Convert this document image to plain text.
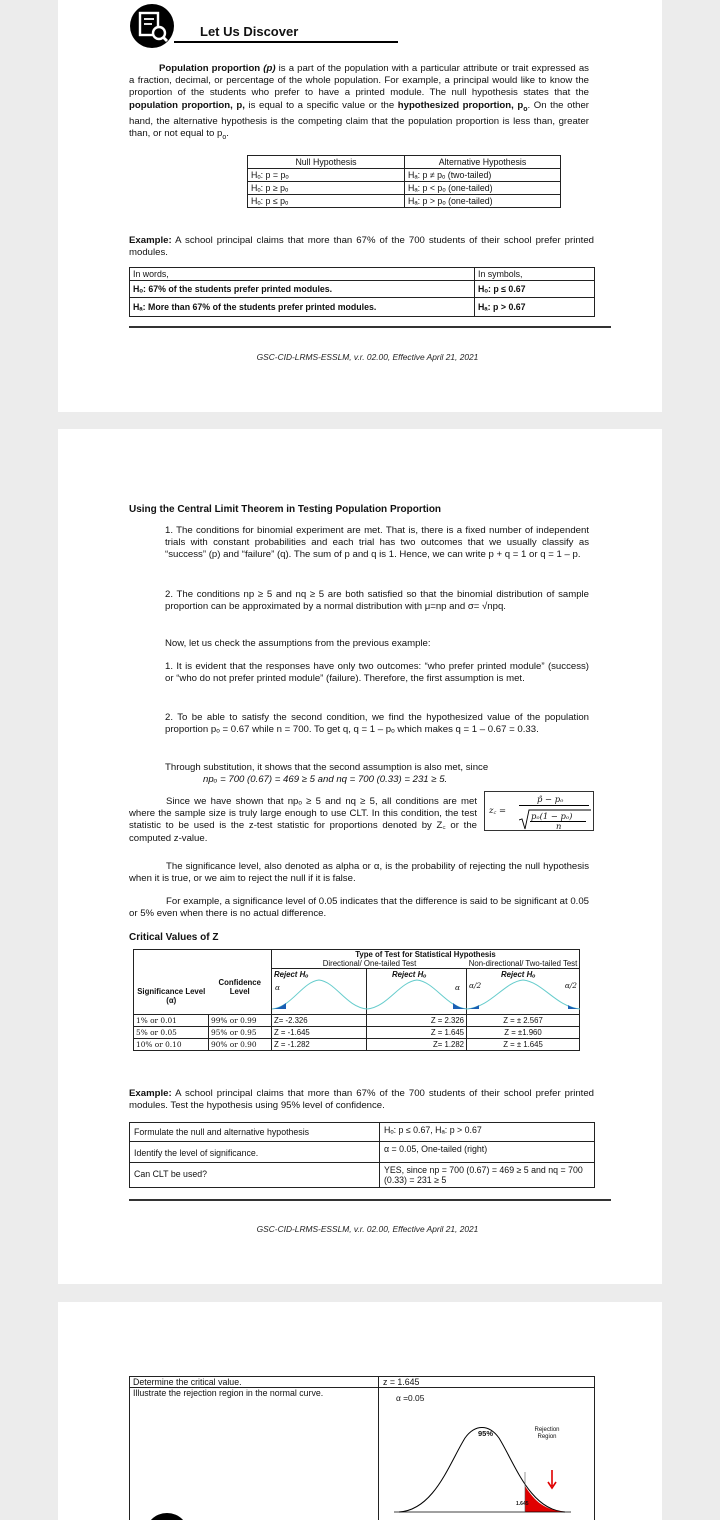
Let Us Discover

Population proportion (p) is a part of the population with a particular attribute or trait expressed as a fraction, decimal, or percentage of the whole population. For example, a principal would like to know the proportion of the students who prefer to have a printed module. The null hypothesis states that the population proportion, p, is equal to a specific value or the hypothesized proportion, $p_o$. On the other hand, the alternative hypothesis is the competing claim that the population proportion is less than, greater than, or not equal to $p_o$.

Null Hypothesis	Alternative Hypothesis
Hₒ: p = pₒ	Hₐ: p ≠ pₒ (two-tailed)
Hₒ: p ≥ pₒ	Hₐ: p < pₒ (one-tailed)
Hₒ: p ≤ pₒ	Hₐ: p > pₒ (one-tailed)

Example: A school principal claims that more than 67% of the 700 students of their school prefer printed modules.

In words,	In symbols,
Hₒ: 67% of the students prefer printed modules.	Hₒ: p ≤ 0.67
Hₐ: More than 67% of the students prefer printed modules.	Hₐ: p > 0.67
GSC-CID-LRMS-ESSLM, v.r. 02.00, Effective April 21, 2021
Using the Central Limit Theorem in Testing Population Proportion

1. The conditions for binomial experiment are met. That is, there is a fixed number of independent trials with constant probabilities and each trial has two outcomes that we usually classify as “success” (p) and “failure” (q). The sum of p and q is 1. Hence, we can write p + q = 1 or q = 1 – p.

2. The conditions np ≥ 5 and nq ≥ 5 are both satisfied so that the binomial distribution of sample proportion can be approximated by a normal distribution with μ=np and σ= √npq.

Now, let us check the assumptions from the previous example:

1. It is evident that the responses have only two outcomes: “who prefer printed module” (success) or “who do not prefer printed module” (failure). Therefore, the first assumption is met.

2. To be able to satisfy the second condition, we find the hypothesized value of the population proportion pₒ = 0.67 while n = 700. To get q, q = 1 – pₒ which makes q = 1 – 0.67 = 0.33.

Through substitution, it shows that the second assumption is also met, since

npₒ = 700 (0.67) = 469 ≥ 5 and nq = 700 (0.33) = 231 ≥ 5.

Since we have shown that npₒ ≥ 5 and nq ≥ 5, all conditions are met where the sample size is truly large enough to use CLT. In this condition, the test statistic to be used is the z-test statistic for proportions denoted by Z꜀ or the computed z-value.

z꜀ =
p̂ − pₒ
pₒ(1 − pₒ)
n

The significance level, also denoted as alpha or α, is the probability of rejecting the null hypothesis when it is true, or we aim to reject the null if it is false.

For example, a significance level of 0.05 indicates that the difference is said to be significant at 0.05 or 5% even when there is no actual difference.

Critical Values of Z
Significance Level (α)	Confidence Level	Type of Test for Statistical Hypothesis
Directional/ One-tailed Test Non-directional/ Two-tailed Test		

		Reject Hₒ
α	Reject Hₒ
α	α/2
Reject Hₒ
α/2

1% or 0.01	99% or 0.99	Z= -2.326	Z = 2.326	Z = ± 2.567
5% or 0.05	95% or 0.95	Z = -1.645	Z = 1.645	Z = ±1.960
10% or 0.10	90% or 0.90	Z = -1.282	Z= 1.282	Z = ± 1.645

Example: A school principal claims that more than 67% of the 700 students of their school prefer printed modules. Test the hypothesis using 95% level of confidence.

Formulate the null and alternative hypothesis	Hₒ: p ≤ 0.67, Hₐ: p > 0.67
Identify the level of significance.	α = 0.05, One-tailed (right)
Can CLT be used?	YES, since np = 700 (0.67) = 469 ≥ 5 and nq = 700 (0.33) = 231 ≥ 5
GSC-CID-LRMS-ESSLM, v.r. 02.00, Effective April 21, 2021
Determine the critical value.	z = 1.645
Illustrate the rejection region in the normal curve.	α =0.05
95% Rejection Region
1.645
